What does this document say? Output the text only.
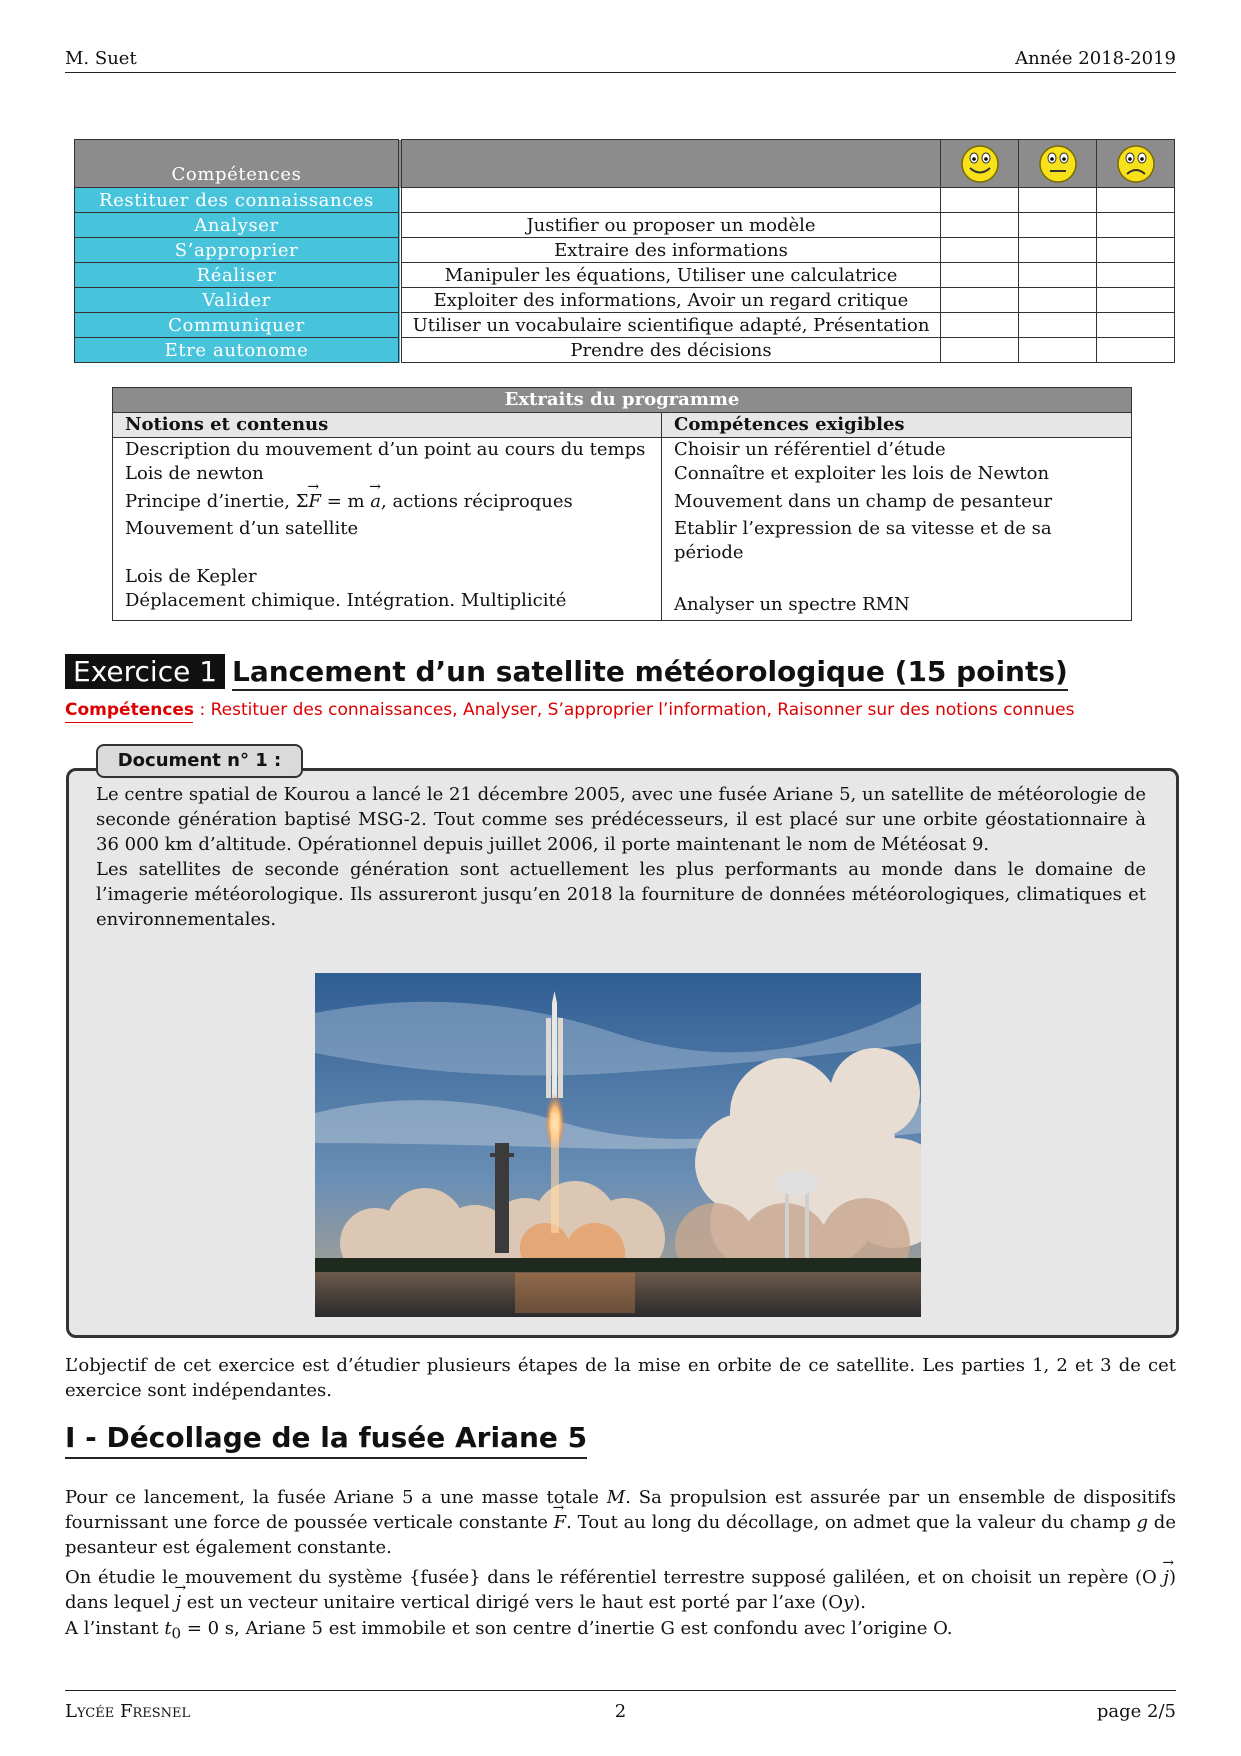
M. Suet	Année 2018-2019
Compétences				
Restituer des connaissances				
Analyser	Justifier ou proposer un modèle			
S’approprier	Extraire des informations			
Réaliser	Manipuler les équations, Utiliser une calculatrice			
Valider	Exploiter des informations, Avoir un regard critique			
Communiquer	Utiliser un vocabulaire scientifique adapté, Présentation			
Etre autonome	Prendre des décisions			
Extraits du programme	
Notions et contenus	Compétences exigibles
Description du mouvement d’un point au cours du temps	Choisir un référentiel d’étude
Lois de newton	Connaître et exploiter les lois de Newton
Principe d’inertie, Σ→ F = m → a, actions réciproques	Mouvement dans un champ de pesanteur
Mouvement d’un satellite	Etablir l’expression de sa vitesse et de sa période
Lois de Kepler	
Déplacement chimique. Intégration. Multiplicité	Analyser un spectre RMN
Exercice 1 Lancement d’un satellite météorologique (15 points)
Compétences : Restituer des connaissances, Analyser, S’approprier l’information, Raisonner sur des notions connues
Document n° 1 :
Le centre spatial de Kourou a lancé le 21 décembre 2005, avec une fusée Ariane 5, un satellite de météorologie de seconde génération baptisé MSG-2. Tout comme ses prédécesseurs, il est placé sur une orbite géostationnaire à 36 000 km d’altitude. Opérationnel depuis juillet 2006, il porte maintenant le nom de Météosat 9.
Les satellites de seconde génération sont actuellement les plus performants au monde dans le domaine de l’imagerie météorologique. Ils assureront jusqu’en 2018 la fourniture de données météorologiques, climatiques et environnementales.
L’objectif de cet exercice est d’étudier plusieurs étapes de la mise en orbite de ce satellite. Les parties 1, 2 et 3 de cet exercice sont indépendantes.
I - Décollage de la fusée Ariane 5
Pour ce lancement, la fusée Ariane 5 a une masse totale M. Sa propulsion est assurée par un ensemble de dispositifs fournissant une force de poussée verticale constante → F. Tout au long du décollage, on admet que la valeur du champ g de pesanteur est également constante.
On étudie le mouvement du système {fusée} dans le référentiel terrestre supposé galiléen, et on choisit un repère (O → j) dans lequel → j est un vecteur unitaire vertical dirigé vers le haut est porté par l’axe (Oy).
A l’instant $t_0 = 0$ s, Ariane 5 est immobile et son centre d’inertie G est confondu avec l’origine O.
Lycée Fresnel	2	page 2/5
